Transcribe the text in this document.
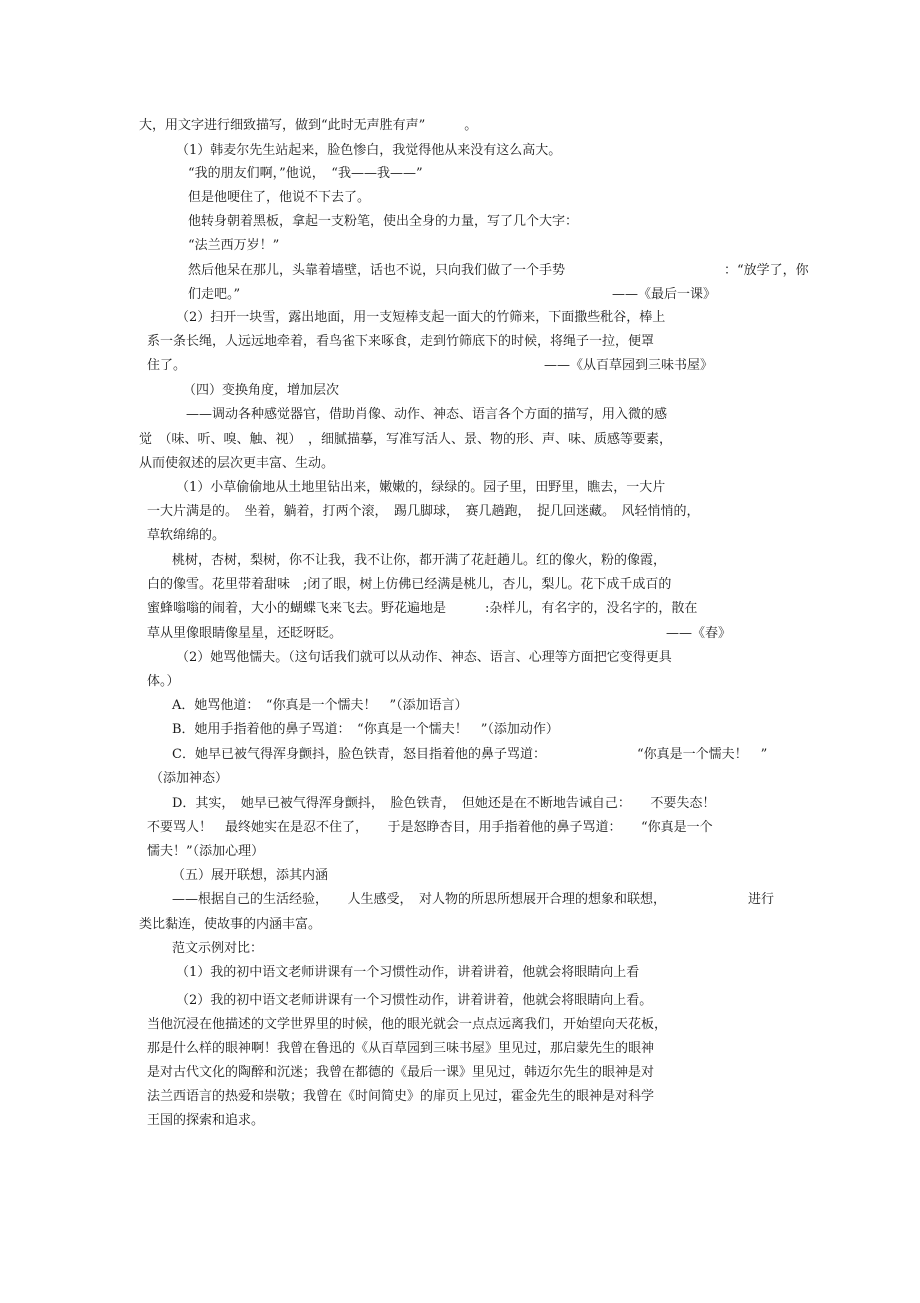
大，用文字进行细致描写，做到“此时无声胜有声”　　　。
（1）韩麦尔先生站起来，脸色惨白，我觉得他从来没有这么高大。
“我的朋友们啊，”他说，　“我——我——”
但是他哽住了，他说不下去了。
他转身朝着黑板，拿起一支粉笔，使出全身的力量，写了几个大字：
“法兰西万岁！”
然后他呆在那儿，头靠着墙壁，话也不说，只向我们做了一个手势	：“放学了，你
们走吧。”	——《最后一课》
（2）扫开一块雪，露出地面，用一支短棒支起一面大的竹筛来，下面撒些秕谷，棒上
系一条长绳，人远远地牵着，看鸟雀下来啄食，走到竹筛底下的时候，将绳子一拉，便罩
住了。	——《从百草园到三味书屋》
（四）变换角度，增加层次
——调动各种感觉器官，借助肖像、动作、神态、语言各个方面的描写，用入微的感
觉　（味、听、嗅、触、视）　，细腻描摹，写准写活人、景、物的形、声、味、质感等要素，
从而使叙述的层次更丰富、生动。
（1）小草偷偷地从土地里钻出来，嫩嫩的，绿绿的。园子里，田野里，瞧去，一大片
一大片满是的。　坐着，躺着，打两个滚，　踢几脚球，　赛几趟跑，　捉几回迷藏。　风轻悄悄的，
草软绵绵的。
桃树，杏树，梨树，你不让我，我不让你，都开满了花赶趟儿。红的像火，粉的像霞，
白的像雪。花里带着甜味　;闭了眼，树上仿佛已经满是桃儿，杏儿，梨儿。花下成千成百的
蜜蜂嗡嗡的闹着，大小的蝴蝶飞来飞去。野花遍地是　　　:杂样儿，有名字的，没名字的，散在
草从里像眼睛像星星，还眨呀眨。	——《春》
（2）她骂他懦夫。（这句话我们就可以从动作、神态、语言、心理等方面把它变得更具
体。）
A．她骂他道：　“你真是一个懦夫！　”（添加语言）
B．她用手指着他的鼻子骂道：　“你真是一个懦夫！　”（添加动作）
C．她早已被气得浑身颤抖，脸色铁青，怒目指着他的鼻子骂道：	“你真是一个懦夫！　”
（添加神态）
D．其实，　她早已被气得浑身颤抖，　脸色铁青，　但她还是在不断地告诫自己：　　不要失态！
不要骂人！　最终她实在是忍不住了，　　于是怒睁杏目，用手指着他的鼻子骂道：　　“你真是一个
懦夫！”（添加心理）
（五）展开联想，添其内涵
——根据自己的生活经验，　　人生感受，　对人物的所思所想展开合理的想象和联想，	进行
类比黏连，使故事的内涵丰富。
范文示例对比：
（1）我的初中语文老师讲课有一个习惯性动作，讲着讲着，他就会将眼睛向上看
（2）我的初中语文老师讲课有一个习惯性动作，讲着讲着，他就会将眼睛向上看。
当他沉浸在他描述的文学世界里的时候，他的眼光就会一点点远离我们，开始望向天花板，
那是什么样的眼神啊！我曾在鲁迅的《从百草园到三味书屋》里见过，那启蒙先生的眼神
是对古代文化的陶醉和沉迷；我曾在都德的《最后一课》里见过，韩迈尔先生的眼神是对
法兰西语言的热爱和崇敬；我曾在《时间简史》的扉页上见过，霍金先生的眼神是对科学
王国的探索和追求。
